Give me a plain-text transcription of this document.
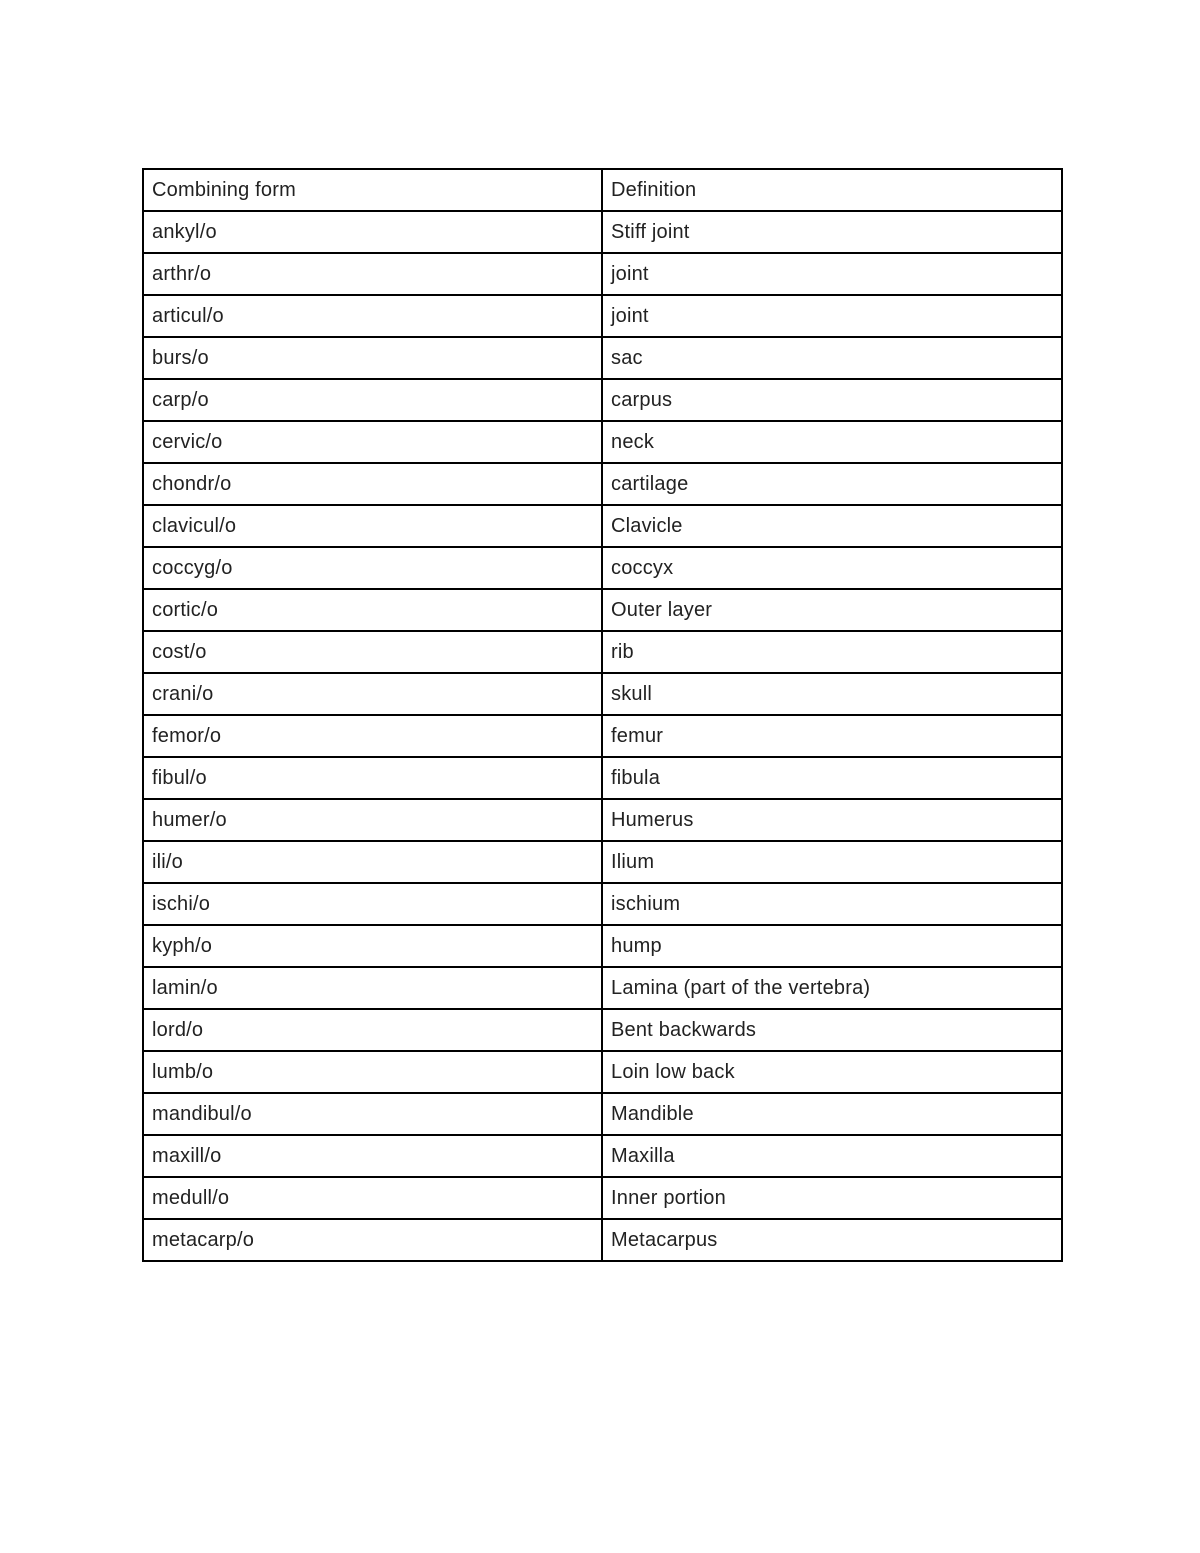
Combining form	Definition
ankyl/o	Stiff joint
arthr/o	joint
articul/o	joint
burs/o	sac
carp/o	carpus
cervic/o	neck
chondr/o	cartilage
clavicul/o	Clavicle
coccyg/o	coccyx
cortic/o	Outer layer
cost/o	rib
crani/o	skull
femor/o	femur
fibul/o	fibula
humer/o	Humerus
ili/o	Ilium
ischi/o	ischium
kyph/o	hump
lamin/o	Lamina (part of the vertebra)
lord/o	Bent backwards
lumb/o	Loin low back
mandibul/o	Mandible
maxill/o	Maxilla
medull/o	Inner portion
metacarp/o	Metacarpus
